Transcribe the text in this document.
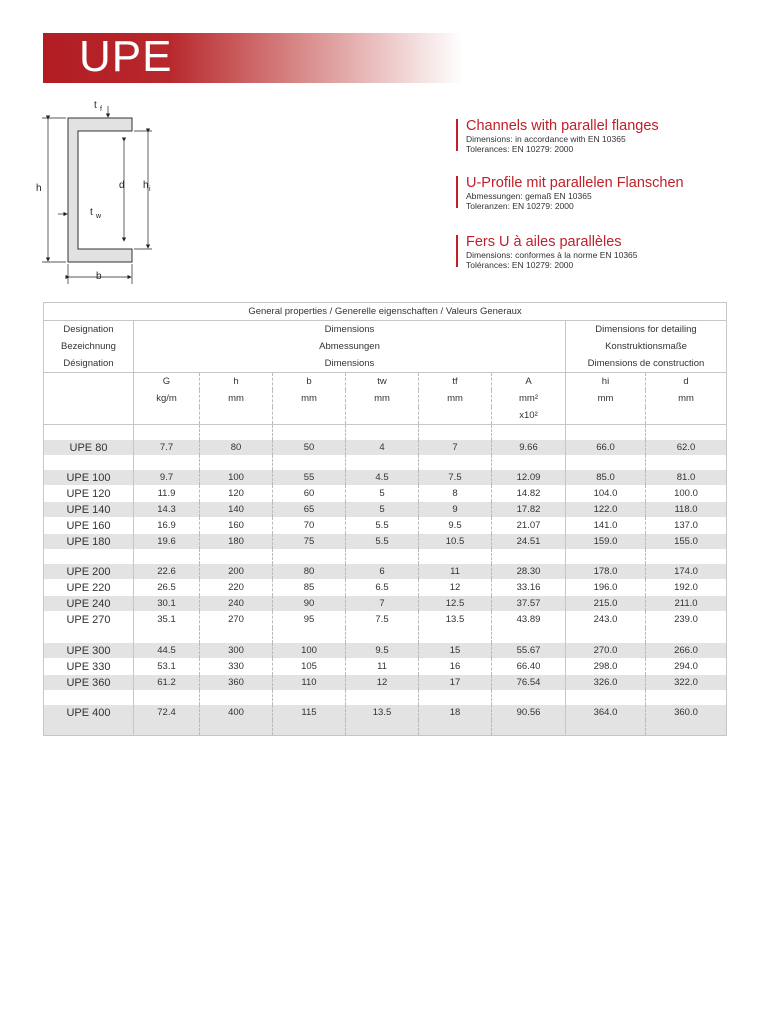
UPE
t f
h	d h i
t w
b
Channels with parallel flanges
Dimensions: in accordance with EN 10365
Tolerances: EN 10279: 2000
U-Profile mit parallelen Flanschen
Abmessungen: gemaß EN 10365
Toleranzen: EN 10279: 2000
Fers U à ailes parallèles
Dimensions: conformes à la norme EN 10365
Tolérances: EN 10279: 2000
General properties / Generelle eigenschaften / Valeurs Generaux								
Designation	Dimensions						Dimensions for detailing	
Bezeichnung	Abmessungen						Konstruktionsmaße	
Désignation	Dimensions						Dimensions de construction	
	G	h	b	tw	tf	A	hi	d
	kg/m	mm	mm	mm	mm	mm²	mm	mm
						x10²		

UPE 80	7.7	80	50	4	7	9.66	66.0	62.0

UPE 100	9.7	100	55	4.5	7.5	12.09	85.0	81.0
UPE 120	11.9	120	60	5	8	14.82	104.0	100.0
UPE 140	14.3	140	65	5	9	17.82	122.0	118.0
UPE 160	16.9	160	70	5.5	9.5	21.07	141.0	137.0
UPE 180	19.6	180	75	5.5	10.5	24.51	159.0	155.0

UPE 200	22.6	200	80	6	11	28.30	178.0	174.0
UPE 220	26.5	220	85	6.5	12	33.16	196.0	192.0
UPE 240	30.1	240	90	7	12.5	37.57	215.0	211.0
UPE 270	35.1	270	95	7.5	13.5	43.89	243.0	239.0

UPE 300	44.5	300	100	9.5	15	55.67	270.0	266.0
UPE 330	53.1	330	105	11	16	66.40	298.0	294.0
UPE 360	61.2	360	110	12	17	76.54	326.0	322.0

UPE 400	72.4	400	115	13.5	18	90.56	364.0	360.0
